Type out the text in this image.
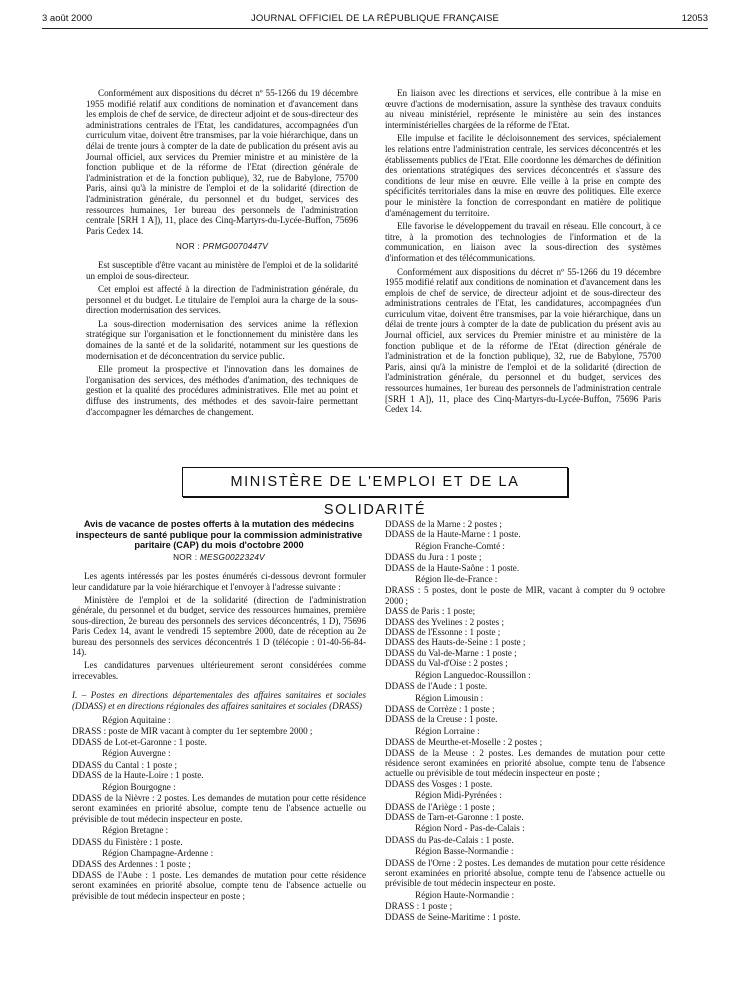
3 août 2000	JOURNAL OFFICIEL DE LA RÉPUBLIQUE FRANÇAISE	12053

Conformément aux dispositions du décret nº 55-1266 du 19 décembre 1955 modifié relatif aux conditions de nomination et d'avancement dans les emplois de chef de service, de directeur adjoint et de sous-directeur des administrations centrales de l'Etat, les candidatures, accompagnées d'un curriculum vitae, doivent être transmises, par la voie hiérarchique, dans un délai de trente jours à compter de la date de publication du présent avis au Journal officiel, aux services du Premier ministre et au ministère de la fonction publique et de la réforme de l'Etat (direction générale de l'administration et de la fonction publique), 32, rue de Babylone, 75700 Paris, ainsi qu'à la ministre de l'emploi et de la solidarité (direction de l'administration générale, du personnel et du budget, services des ressources humaines, 1er bureau des personnels de l'administration centrale [SRH 1 A]), 11, place des Cinq-Martyrs-du-Lycée-Buffon, 75696 Paris Cedex 14.

NOR : PRMG0070447V

Est susceptible d'être vacant au ministère de l'emploi et de la solidarité un emploi de sous-directeur.

Cet emploi est affecté à la direction de l'administration générale, du personnel et du budget. Le titulaire de l'emploi aura la charge de la sous-direction modernisation des services.

La sous-direction modernisation des services anime la réflexion stratégique sur l'organisation et le fonctionnement du ministère dans les domaines de la santé et de la solidarité, notamment sur les questions de modernisation et de déconcentration du service public.

Elle promeut la prospective et l'innovation dans les domaines de l'organisation des services, des méthodes d'animation, des techniques de gestion et la qualité des procédures administratives. Elle met au point et diffuse des instruments, des méthodes et des savoir-faire permettant d'accompagner les démarches de changement.

En liaison avec les directions et services, elle contribue à la mise en œuvre d'actions de modernisation, assure la synthèse des travaux conduits au niveau ministériel, représente le ministère au sein des instances interministérielles chargées de la réforme de l'Etat.

Elle impulse et facilite le décloisonnement des services, spécialement les relations entre l'administration centrale, les services déconcentrés et les établissements publics de l'Etat. Elle coordonne les démarches de définition des orientations stratégiques des services déconcentrés et s'assure des conditions de leur mise en œuvre. Elle veille à la prise en compte des spécificités territoriales dans la mise en œuvre des politiques. Elle exerce pour le ministère la fonction de correspondant en matière de politique d'aménagement du territoire.

Elle favorise le développement du travail en réseau. Elle concourt, à ce titre, à la promotion des technologies de l'information et de la communication, en liaison avec la sous-direction des systèmes d'information et des télécommunications.

Conformément aux dispositions du décret nº 55-1266 du 19 décembre 1955 modifié relatif aux conditions de nomination et d'avancement dans les emplois de chef de service, de directeur adjoint et de sous-directeur des administrations centrales de l'Etat, les candidatures, accompagnées d'un curriculum vitae, doivent être transmises, par la voie hiérarchique, dans un délai de trente jours à compter de la date de publication du présent avis au Journal officiel, aux services du Premier ministre et au ministère de la fonction publique et de la réforme de l'Etat (direction générale de l'administration et de la fonction publique), 32, rue de Babylone, 75700 Paris, ainsi qu'à la ministre de l'emploi et de la solidarité (direction de l'administration générale, du personnel et du budget, services des ressources humaines, 1er bureau des personnels de l'administration centrale [SRH 1 A]), 11, place des Cinq-Martyrs-du-Lycée-Buffon, 75696 Paris Cedex 14.

MINISTÈRE DE L'EMPLOI ET DE LA SOLIDARITÉ
Avis de vacance de postes offerts à la mutation des médecins inspecteurs de santé publique pour la commission administrative paritaire (CAP) du mois d'octobre 2000
NOR : MESG0022324V

Les agents intéressés par les postes énumérés ci-dessous devront formuler leur candidature par la voie hiérarchique et l'envoyer à l'adresse suivante :

Ministère de l'emploi et de la solidarité (direction de l'administration générale, du personnel et du budget, service des ressources humaines, première sous-direction, 2e bureau des personnels des services déconcentrés, 1 D), 75696 Paris Cedex 14, avant le vendredi 15 septembre 2000, date de réception au 2e bureau des personnels des services déconcentrés 1 D (télécopie : 01-40-56-84-14).

Les candidatures parvenues ultérieurement seront considérées comme irrecevables.

I. – Postes en directions départementales des affaires sanitaires et sociales (DDASS) et en directions régionales des affaires sanitaires et sociales (DRASS)

Région Aquitaine :

DRASS : poste de MIR vacant à compter du 1er septembre 2000 ;

DDASS de Lot-et-Garonne : 1 poste.

Région Auvergne :

DDASS du Cantal : 1 poste ;

DDASS de la Haute-Loire : 1 poste.

Région Bourgogne :

DDASS de la Nièvre : 2 postes. Les demandes de mutation pour cette résidence seront examinées en priorité absolue, compte tenu de l'absence actuelle ou prévisible de tout médecin inspecteur en poste.

Région Bretagne :

DDASS du Finistère : 1 poste.

Région Champagne-Ardenne :

DDASS des Ardennes : 1 poste ;

DDASS de l'Aube : 1 poste. Les demandes de mutation pour cette résidence seront examinées en priorité absolue, compte tenu de l'absence actuelle ou prévisible de tout médecin inspecteur en poste ;

DDASS de la Marne : 2 postes ;

DDASS de la Haute-Marne : 1 poste.

Région Franche-Comté :

DDASS du Jura : 1 poste ;

DDASS de la Haute-Saône : 1 poste.

Région Ile-de-France :

DRASS : 5 postes, dont le poste de MIR, vacant à compter du 9 octobre 2000 ;

DASS de Paris : 1 poste;

DDASS des Yvelines : 2 postes ;

DDASS de l'Essonne : 1 poste ;

DDASS des Hauts-de-Seine : 1 poste ;

DDASS du Val-de-Marne : 1 poste ;

DDASS du Val-d'Oise : 2 postes ;

Région Languedoc-Roussillon :

DDASS de l'Aude : 1 poste.

Région Limousin :

DDASS de Corrèze : 1 poste ;

DDASS de la Creuse : 1 poste.

Région Lorraine :

DDASS de Meurthe-et-Moselle : 2 postes ;

DDASS de la Meuse : 2 postes. Les demandes de mutation pour cette résidence seront examinées en priorité absolue, compte tenu de l'absence actuelle ou prévisible de tout médecin inspecteur en poste ;

DDASS des Vosges : 1 poste.

Région Midi-Pyrénées :

DDASS de l'Ariège : 1 poste ;

DDASS de Tarn-et-Garonne : 1 poste.

Région Nord - Pas-de-Calais :

DDASS du Pas-de-Calais : 1 poste.

Région Basse-Normandie :

DDASS de l'Orne : 2 postes. Les demandes de mutation pour cette résidence seront examinées en priorité absolue, compte tenu de l'absence actuelle ou prévisible de tout médecin inspecteur en poste.

Région Haute-Normandie :

DRASS : 1 poste ;

DDASS de Seine-Maritime : 1 poste.
